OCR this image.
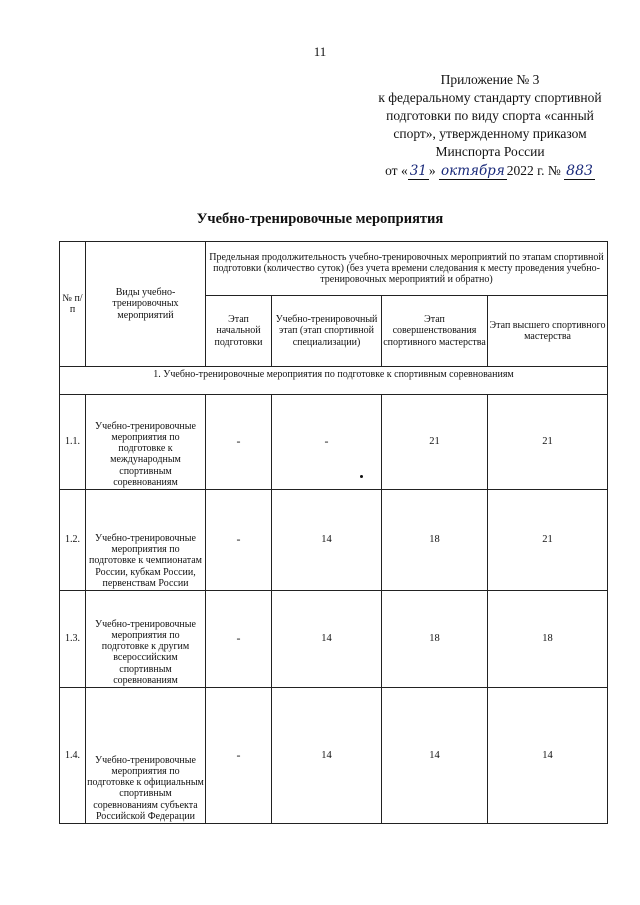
11
Приложение № 3
к федеральному стандарту спортивной
подготовки по виду спорта «санный
спорт», утвержденному приказом
Минспорта России
от « 31 » октября 2022 г. № 883
Учебно-тренировочные мероприятия
№ п/п	Виды учебно-тренировочных мероприятий	Предельная продолжительность учебно-тренировочных мероприятий по этапам спортивной подготовки (количество суток) (без учета времени следования к месту проведения учебно-тренировочных мероприятий и обратно)			
		Этап начальной подготовки	Учебно-тренировочный этап (этап спортивной специализации)	Этап совершенствования спортивного мастерства	Этап высшего спортивного мастерства
1. Учебно-тренировочные мероприятия по подготовке к спортивным соревнованиям					
1.1.	Учебно-тренировочные мероприятия по подготовке к международным спортивным соревнованиям	-	-	21	21
1.2.	Учебно-тренировочные мероприятия по подготовке к чемпионатам России, кубкам России, первенствам России	-	14	18	21
1.3.	Учебно-тренировочные мероприятия по подготовке к другим всероссийским спортивным соревнованиям	-	14	18	18
1.4.	Учебно-тренировочные мероприятия по подготовке к официальным спортивным соревнованиям субъекта Российской Федерации	-	14	14	14
